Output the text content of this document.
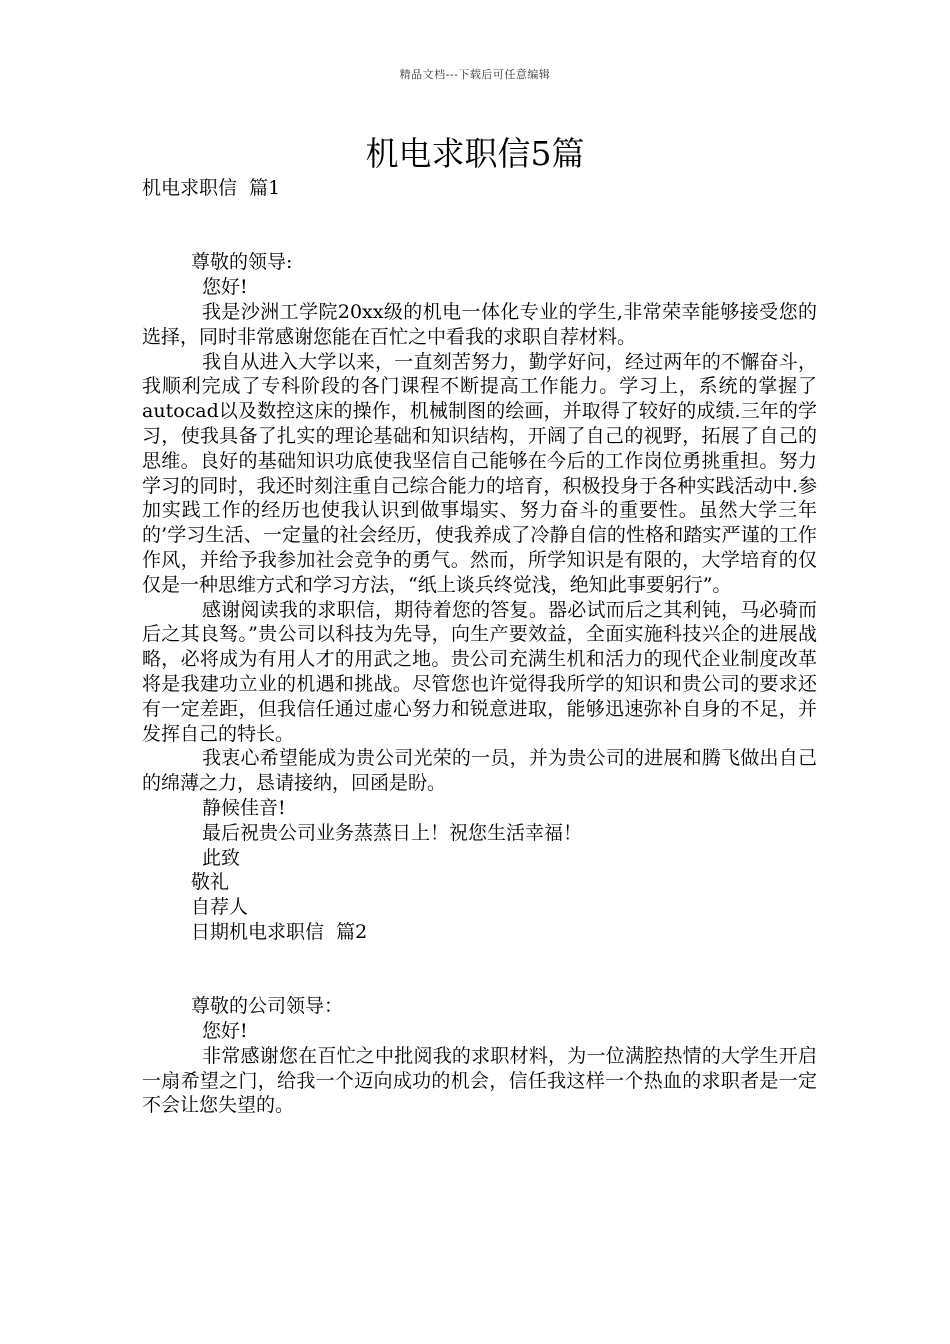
精品文档---下载后可任意编辑
机电求职信5篇
机电求职信  篇1
尊敬的领导:
您好!

我是沙洲工学院20xx级的机电一体化专业的学生,非常荣幸能够接受您的选择，同时非常感谢您能在百忙之中看我的求职自荐材料。

我自从进入大学以来，一直刻苦努力，勤学好问，经过两年的不懈奋斗，我顺利完成了专科阶段的各门课程不断提高工作能力。学习上，系统的掌握了autocad以及数控这床的操作，机械制图的绘画，并取得了较好的成绩.三年的学习，使我具备了扎实的理论基础和知识结构，开阔了自己的视野，拓展了自己的思维。良好的基础知识功底使我坚信自己能够在今后的工作岗位勇挑重担。努力学习的同时，我还时刻注重自己综合能力的培育，积极投身于各种实践活动中.参加实践工作的经历也使我认识到做事塌实、努力奋斗的重要性。虽然大学三年的’学习生活、一定量的社会经历，使我养成了冷静自信的性格和踏实严谨的工作作风，并给予我参加社会竞争的勇气。然而，所学知识是有限的，大学培育的仅仅是一种思维方式和学习方法，“纸上谈兵终觉浅，绝知此事要躬行”。

感谢阅读我的求职信，期待着您的答复。器必试而后之其利钝，马必骑而后之其良驽。”贵公司以科技为先导，向生产要效益，全面实施科技兴企的进展战略，必将成为有用人才的用武之地。贵公司充满生机和活力的现代企业制度改革将是我建功立业的机遇和挑战。尽管您也许觉得我所学的知识和贵公司的要求还有一定差距，但我信任通过虚心努力和锐意进取，能够迅速弥补自身的不足，并发挥自己的特长。

我衷心希望能成为贵公司光荣的一员，并为贵公司的进展和腾飞做出自己的绵薄之力，恳请接纳，回函是盼。

静候佳音!
最后祝贵公司业务蒸蒸日上！祝您生活幸福！
此致
敬礼
自荐人
日期机电求职信  篇2
尊敬的公司领导：
您好!

非常感谢您在百忙之中批阅我的求职材料，为一位满腔热情的大学生开启一扇希望之门，给我一个迈向成功的机会，信任我这样一个热血的求职者是一定不会让您失望的。
